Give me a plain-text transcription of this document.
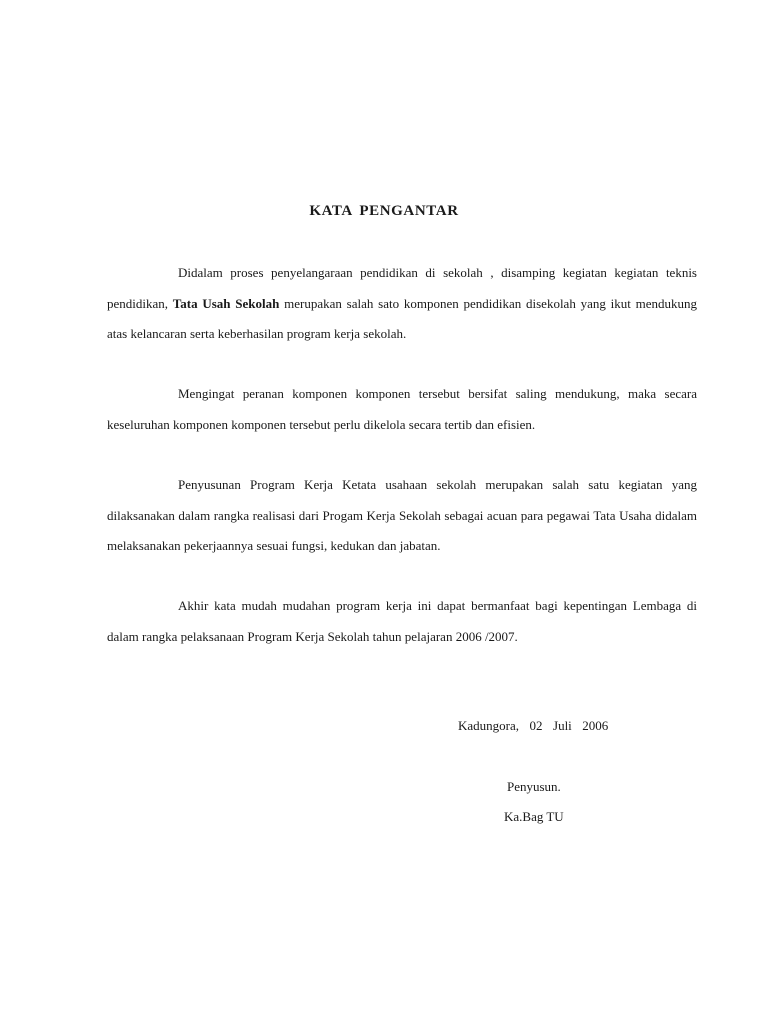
KATA PENGANTAR

Didalam proses penyelangaraan pendidikan di sekolah , disamping kegiatan kegiatan teknis pendidikan, Tata Usah Sekolah merupakan salah sato komponen pendidikan disekolah yang ikut mendukung atas kelancaran serta keberhasilan program kerja sekolah.

Mengingat peranan komponen komponen tersebut bersifat saling mendukung, maka secara keseluruhan komponen komponen tersebut perlu dikelola secara tertib dan efisien.

Penyusunan Program Kerja Ketata usahaan sekolah merupakan salah satu kegiatan yang dilaksanakan dalam rangka realisasi dari Progam Kerja Sekolah sebagai acuan para pegawai Tata Usaha didalam melaksanakan pekerjaannya sesuai fungsi, kedukan dan jabatan.

Akhir kata mudah mudahan program kerja ini dapat bermanfaat bagi kepentingan Lembaga di dalam rangka pelaksanaan Program Kerja Sekolah tahun pelajaran 2006 /2007.

Kadungora,  02  Juli  2006

Penyusun.

Ka.Bag TU
